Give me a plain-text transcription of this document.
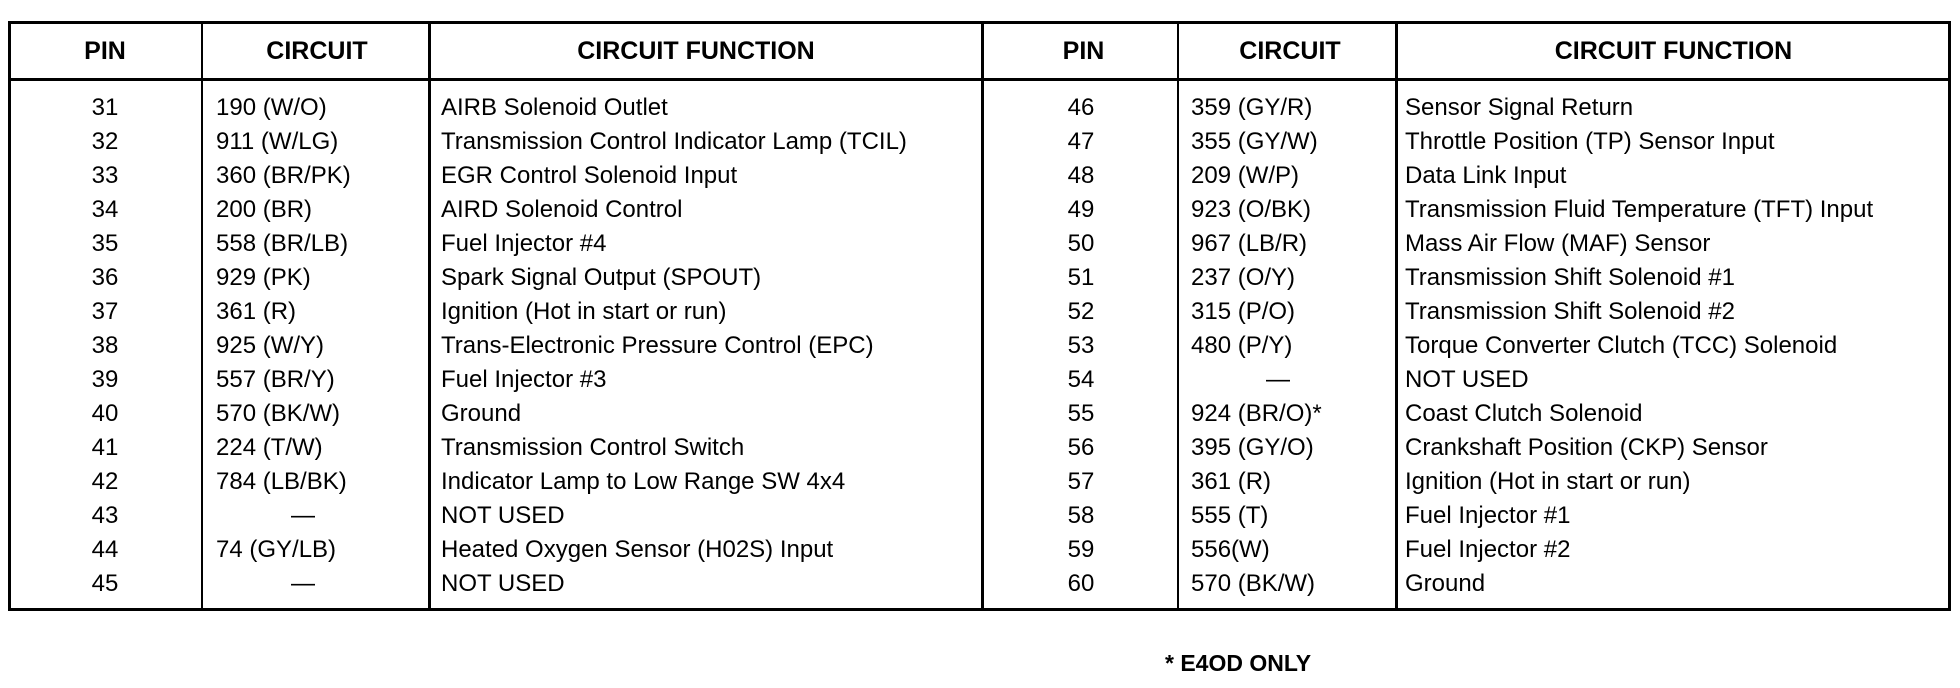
PIN	CIRCUIT	CIRCUIT FUNCTION	PIN	CIRCUIT	CIRCUIT FUNCTION
31	190 (W/O)	AIRB Solenoid Outlet	46	359 (GY/R)	Sensor Signal Return
32	911 (W/LG)	Transmission Control Indicator Lamp (TCIL)	47	355 (GY/W)	Throttle Position (TP) Sensor Input
33	360 (BR/PK)	EGR Control Solenoid Input	48	209 (W/P)	Data Link Input
34	200 (BR)	AIRD Solenoid Control	49	923 (O/BK)	Transmission Fluid Temperature (TFT) Input
35	558 (BR/LB)	Fuel Injector #4	50	967 (LB/R)	Mass Air Flow (MAF) Sensor
36	929 (PK)	Spark Signal Output (SPOUT)	51	237 (O/Y)	Transmission Shift Solenoid #1
37	361 (R)	Ignition (Hot in start or run)	52	315 (P/O)	Transmission Shift Solenoid #2
38	925 (W/Y)	Trans-Electronic Pressure Control (EPC)	53	480 (P/Y)	Torque Converter Clutch (TCC) Solenoid
39	557 (BR/Y)	Fuel Injector #3	54	—	NOT USED
40	570 (BK/W)	Ground	55	924 (BR/O)*	Coast Clutch Solenoid
41	224 (T/W)	Transmission Control Switch	56	395 (GY/O)	Crankshaft Position (CKP) Sensor
42	784 (LB/BK)	Indicator Lamp to Low Range SW 4x4	57	361 (R)	Ignition (Hot in start or run)
43	—	NOT USED	58	555 (T)	Fuel Injector #1
44	74 (GY/LB)	Heated Oxygen Sensor (H02S) Input	59	556(W)	Fuel Injector #2
45	—	NOT USED	60	570 (BK/W)	Ground
* E4OD ONLY
